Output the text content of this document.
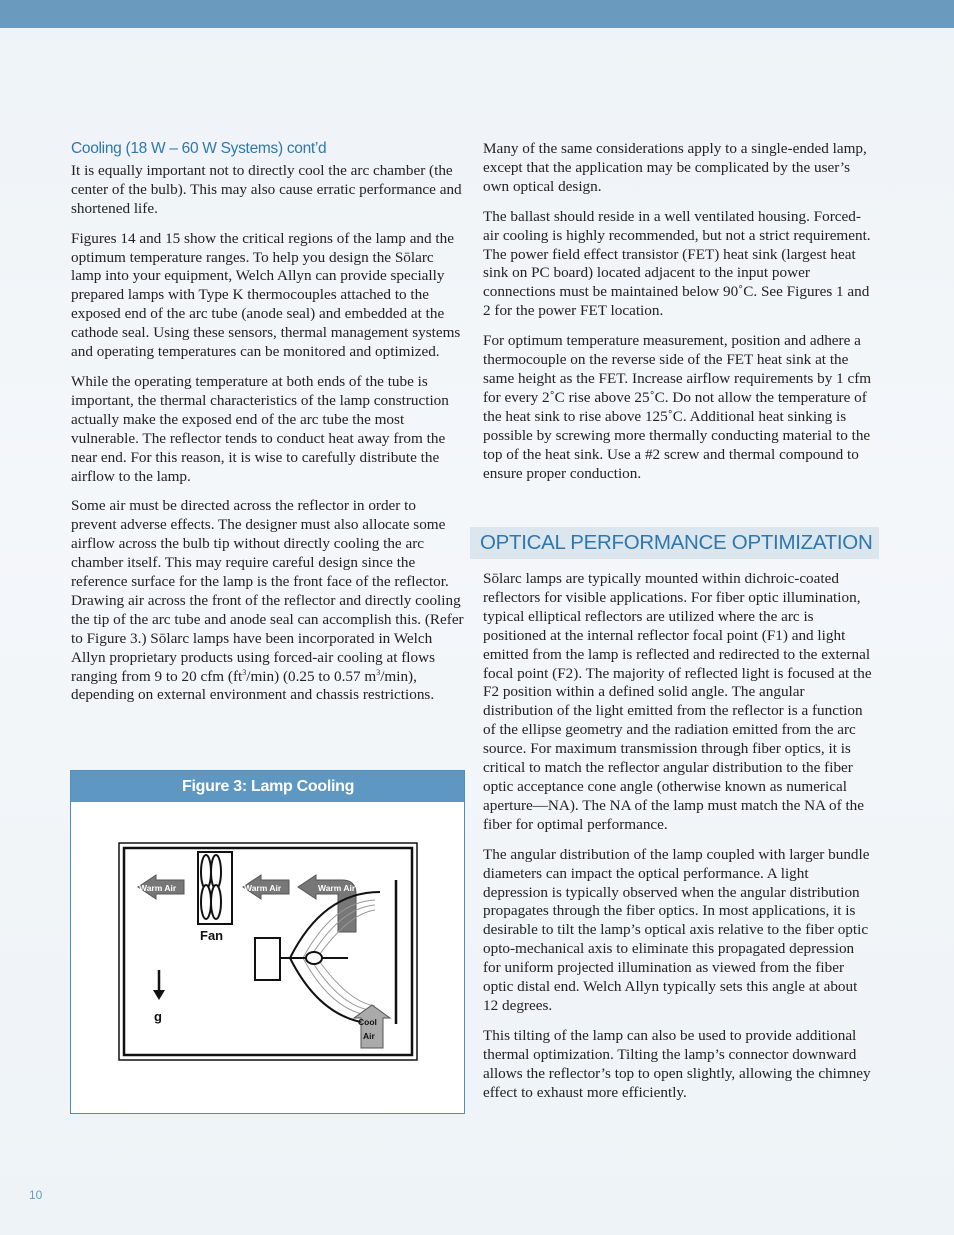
Cooling (18 W – 60 W Systems) cont’d

It is equally important not to directly cool the arc chamber (the center of the bulb). This may also cause erratic performance and shortened life.

Figures 14 and 15 show the critical regions of the lamp and the optimum temperature ranges. To help you design the Sōlarc lamp into your equipment, Welch Allyn can provide specially prepared lamps with Type K thermocouples attached to the exposed end of the arc tube (anode seal) and embedded at the cathode seal. Using these sensors, thermal management systems and operating temperatures can be monitored and optimized.

While the operating temperature at both ends of the tube is important, the thermal characteristics of the lamp construction actually make the exposed end of the arc tube the most vulnerable. The reflector tends to conduct heat away from the near end. For this reason, it is wise to carefully distribute the airflow to the lamp.

Some air must be directed across the reflector in order to prevent adverse effects. The designer must also allocate some airflow across the bulb tip without directly cooling the arc chamber itself. This may require careful design since the reference surface for the lamp is the front face of the reflector. Drawing air across the front of the reflector and directly cooling the tip of the arc tube and anode seal can accomplish this. (Refer to Figure 3.) Sōlarc lamps have been incorporated in Welch Allyn proprietary products using forced-air cooling at flows ranging from 9 to 20 cfm $(ft^3/\min)$ (0.25 to 0.57 $m^3/\min$), depending on external environment and chassis restrictions.

Figure 3: Lamp Cooling
Fan
Warm Air	Warm Air	Warm Air
g	Cool
Air

Many of the same considerations apply to a single-ended lamp, except that the application may be complicated by the user’s own optical design.

The ballast should reside in a well ventilated housing. Forced-air cooling is highly recommended, but not a strict requirement. The power field effect transistor (FET) heat sink (largest heat sink on PC board) located adjacent to the input power connections must be maintained below 90˚C. See Figures 1 and 2 for the power FET location.

For optimum temperature measurement, position and adhere a thermocouple on the reverse side of the FET heat sink at the same height as the FET. Increase airflow requirements by 1 cfm for every 2˚C rise above 25˚C. Do not allow the temperature of the heat sink to rise above 125˚C. Additional heat sinking is possible by screwing more thermally conducting material to the top of the heat sink. Use a #2 screw and thermal compound to ensure proper conduction.

OPTICAL PERFORMANCE OPTIMIZATION

Sōlarc lamps are typically mounted within dichroic-coated reflectors for visible applications. For fiber optic illumination, typical elliptical reflectors are utilized where the arc is positioned at the internal reflector focal point (F1) and light emitted from the lamp is reflected and redirected to the external focal point (F2). The majority of reflected light is focused at the F2 position within a defined solid angle. The angular distribution of the light emitted from the reflector is a function of the ellipse geometry and the radiation emitted from the arc source. For maximum transmission through fiber optics, it is critical to match the reflector angular distribution to the fiber optic acceptance cone angle (otherwise known as numerical aperture—NA). The NA of the lamp must match the NA of the fiber for optimal performance.

The angular distribution of the lamp coupled with larger bundle diameters can impact the optical performance. A light depression is typically observed when the angular distribution propagates through the fiber optics. In most applications, it is desirable to tilt the lamp’s optical axis relative to the fiber optic opto-mechanical axis to eliminate this propagated depression for uniform projected illumination as viewed from the fiber optic distal end. Welch Allyn typically sets this angle at about 12 degrees.

This tilting of the lamp can also be used to provide additional thermal optimization. Tilting the lamp’s connector downward allows the reflector’s top to open slightly, allowing the chimney effect to exhaust more efficiently.

10
